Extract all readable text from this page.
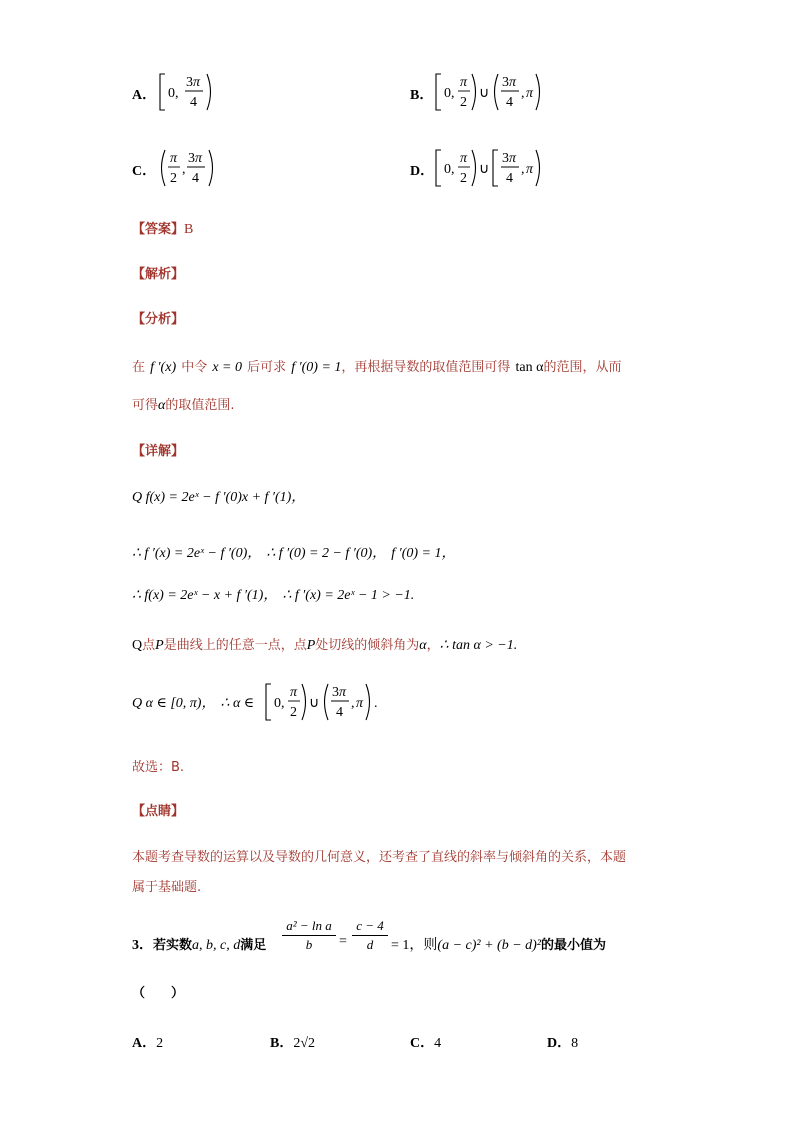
A． 0,
3π
4	B． 0,
π
2
∪
3π
4
, π
C．
π
2
,
3π
4	D． 0,
π
2
∪
3π
4
, π
【答案】B
【解析】
【分析】
在 f ′(x) 中令 x = 0 后可求 f ′(0) = 1，再根据导数的取值范围可得 tan α的范围，从而
可得α的取值范围.
【详解】
Q f(x) = 2eˣ − f ′(0)x + f ′(1)，
∴ f ′(x) = 2eˣ − f ′(0)， ∴ f ′(0) = 2 − f ′(0)， f ′(0) = 1，
∴ f(x) = 2eˣ − x + f ′(1)， ∴ f ′(x) = 2eˣ − 1 > −1.
Q点P是曲线上的任意一点，点P处切线的倾斜角为α，∴ tan α > −1.
Q α ∈ [0, π)， ∴ α ∈ 0,
π
2
∪
3π
4
, π .
故选：B.
【点睛】
本题考查导数的运算以及导数的几何意义，还考查了直线的斜率与倾斜角的关系，本题
属于基础题.
3．若实数a, b, c, d满足
a² − ln a
b	=
c − 4
d	= 1，则(a − c)² + (b − d)²的最小值为
（　　）
A．2	B．2√2	C．4	D．8
